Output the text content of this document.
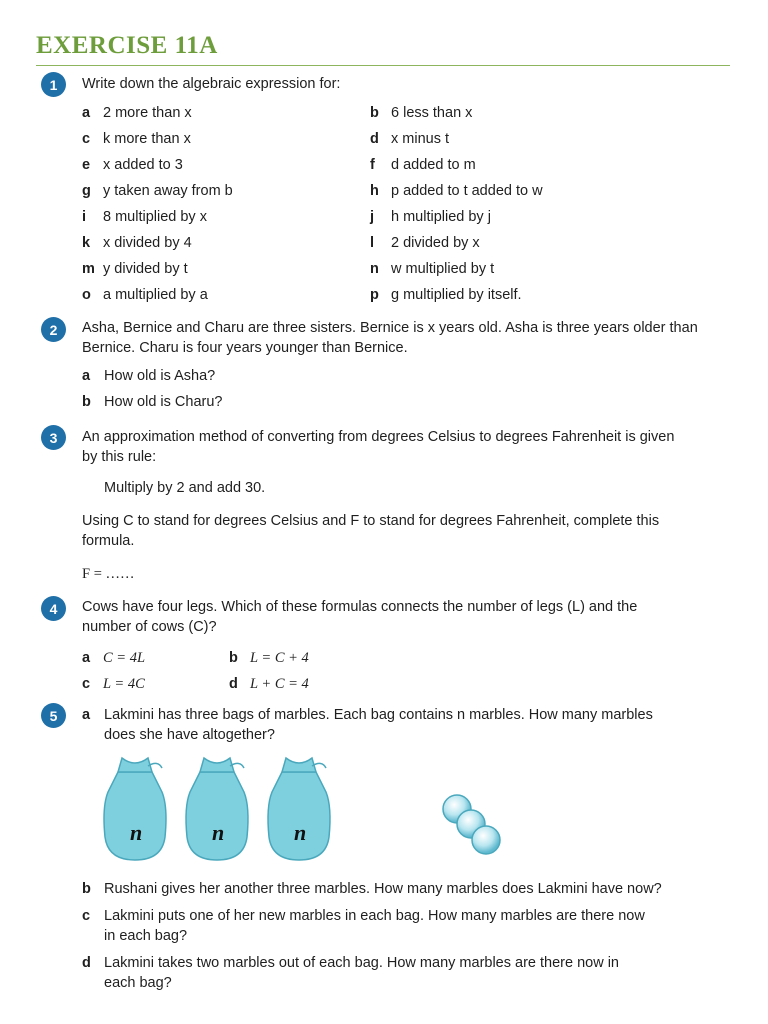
EXERCISE 11A
1	Write down the algebraic expression for:
a 2 more than x	b 6 less than x
c k more than x	d x minus t
e x added to 3	f d added to m
g y taken away from b	h p added to t added to w
i 8 multiplied by x	j h multiplied by j
k x divided by 4	l 2 divided by x
m y divided by t	n w multiplied by t
o a multiplied by a	p g multiplied by itself.
2	Asha, Bernice and Charu are three sisters. Bernice is x years old. Asha is three years older than
Bernice. Charu is four years younger than Bernice.
a How old is Asha?
b How old is Charu?
3	An approximation method of converting from degrees Celsius to degrees Fahrenheit is given
by this rule:
Multiply by 2 and add 30.
Using C to stand for degrees Celsius and F to stand for degrees Fahrenheit, complete this
formula.
F = ……
4	Cows have four legs. Which of these formulas connects the number of legs (L) and the
number of cows (C)?
a C = 4L	b L = C + 4
c L = 4C	d L + C = 4
5	a Lakmini has three bags of marbles. Each bag contains n marbles. How many marbles
does she have altogether?
n	n	n
b Rushani gives her another three marbles. How many marbles does Lakmini have now?
c Lakmini puts one of her new marbles in each bag. How many marbles are there now
in each bag?
d Lakmini takes two marbles out of each bag. How many marbles are there now in
each bag?
